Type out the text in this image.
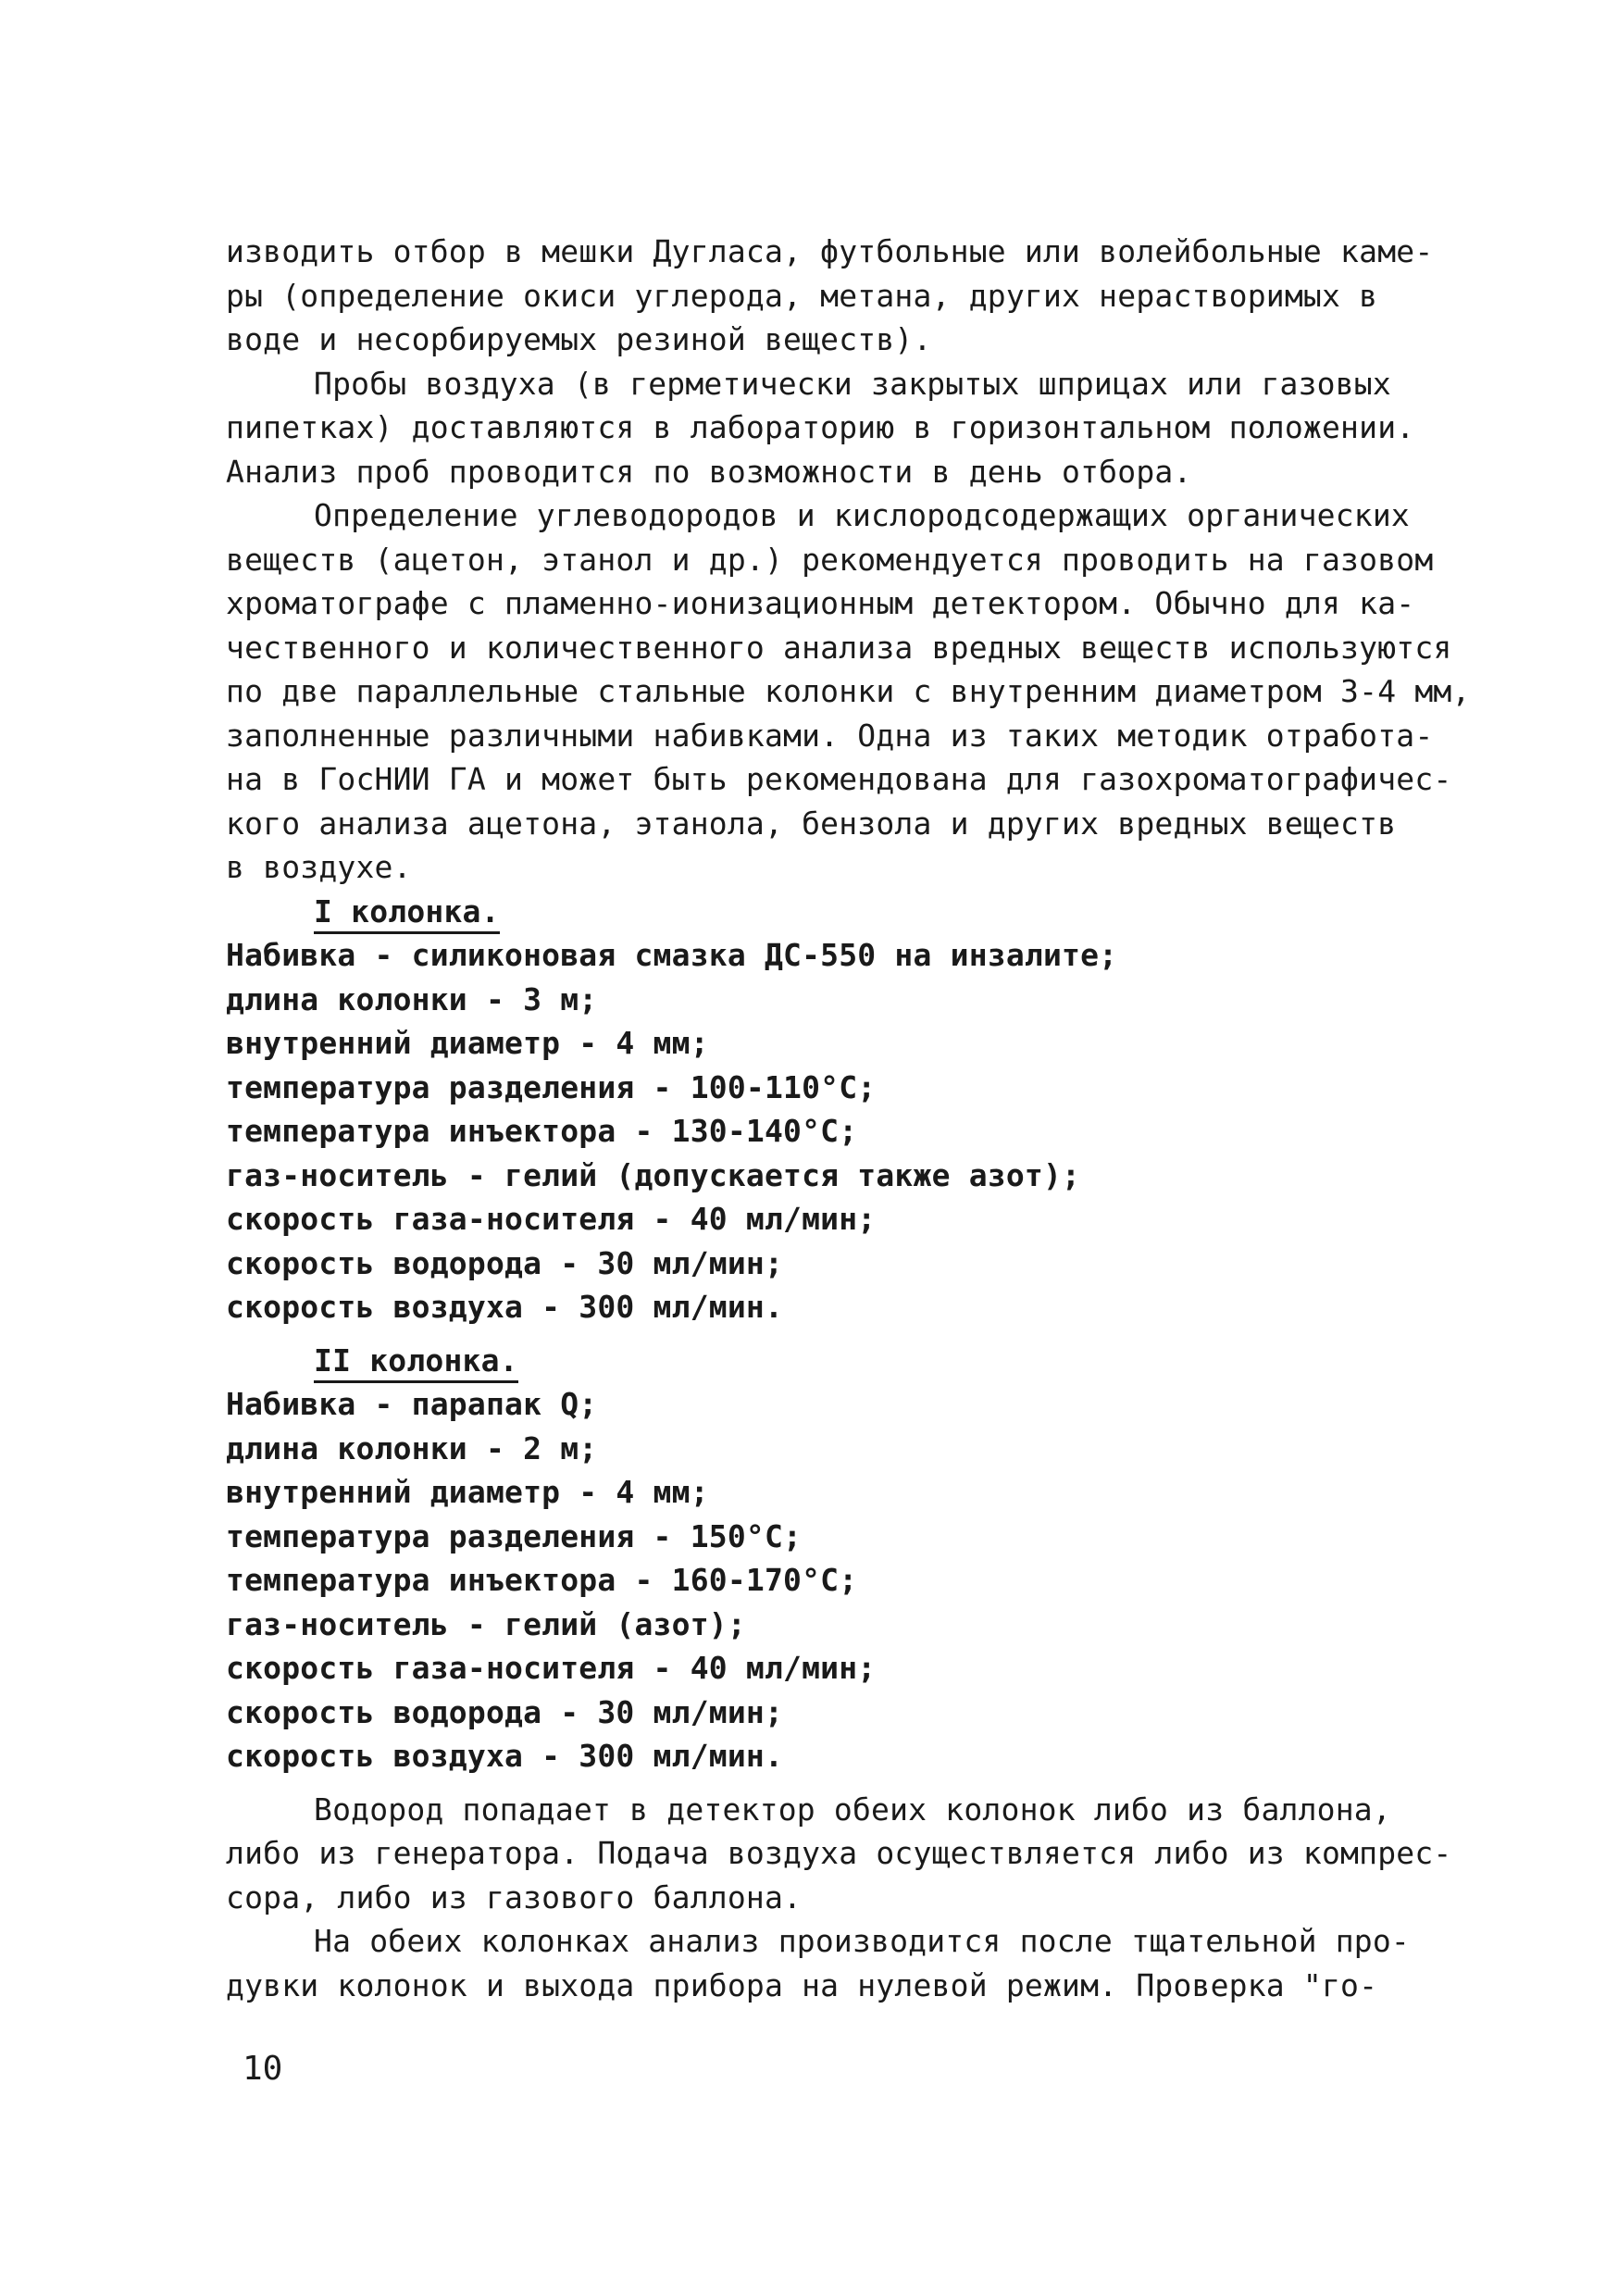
изводить отбор в мешки Дугласа, футбольные или волейбольные каме-
ры (определение окиси углерода, метана, других нерастворимых в
воде и несорбируемых резиной веществ).
Пробы воздуха (в герметически закрытых шприцах или газовых
пипетках) доставляются в лабораторию в горизонтальном положении.
Анализ проб проводится по возможности в день отбора.
Определение углеводородов и кислородсодержащих органических
веществ (ацетон, этанол и др.) рекомендуется проводить на газовом
хроматографе с пламенно-ионизационным детектором. Обычно для ка-
чественного и количественного анализа вредных веществ используются
по две параллельные стальные колонки с внутренним диаметром 3-4 мм,
заполненные различными набивками. Одна из таких методик отработа-
на в ГосНИИ ГА и может быть рекомендована для газохроматографичес-
кого анализа ацетона, этанола, бензола и других вредных веществ
в воздухе.
I колонка.
Набивка - силиконовая смазка ДС-550 на инзалите;
длина колонки - 3 м;
внутренний диаметр - 4 мм;
температура разделения - 100-110°С;
температура инъектора - 130-140°С;
газ-носитель - гелий (допускается также азот);
скорость газа-носителя - 40 мл/мин;
скорость водорода - 30 мл/мин;
скорость воздуха - 300 мл/мин.
II колонка.
Набивка - парапак Q;
длина колонки - 2 м;
внутренний диаметр - 4 мм;
температура разделения - 150°С;
температура инъектора - 160-170°С;
газ-носитель - гелий (азот);
скорость газа-носителя - 40 мл/мин;
скорость водорода - 30 мл/мин;
скорость воздуха - 300 мл/мин.
Водород попадает в детектор обеих колонок либо из баллона,
либо из генератора. Подача воздуха осуществляется либо из компрес-
сора, либо из газового баллона.
На обеих колонках анализ производится после тщательной про-
дувки колонок и выхода прибора на нулевой режим. Проверка "го-
10
